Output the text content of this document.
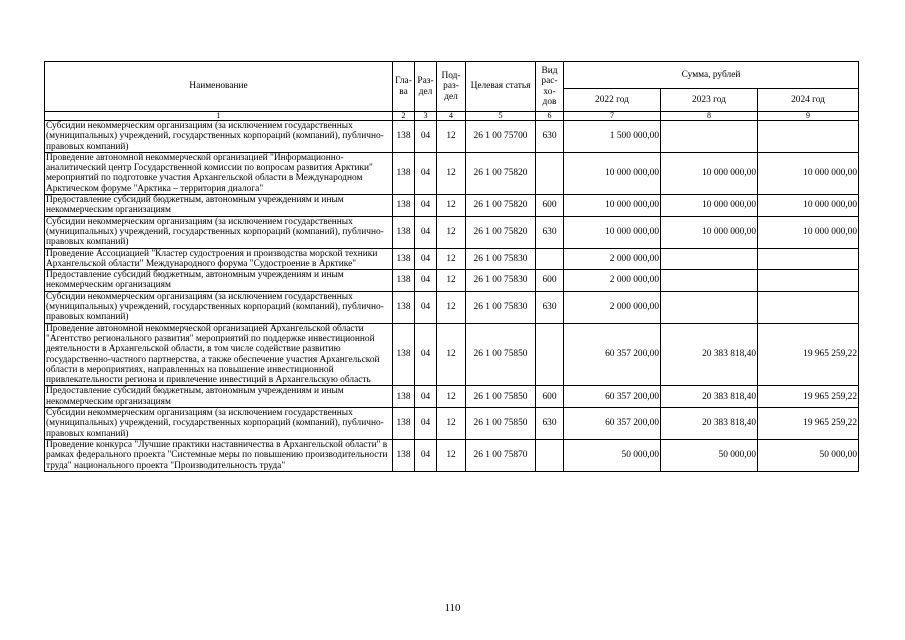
Наименование	Гла-ва	Раз-дел	Под-раз-дел	Целевая статья	Вид рас-хо-дов	Сумма, рублей		
						2022 год	2023 год	2024 год
1	2	3	4	5	6	7	8	9
Субсидии некоммерческим организациям (за исключением государственных (муниципальных) учреждений, государственных корпораций (компаний), публично-правовых компаний)	138	04	12	26 1 00 75700	630	1 500 000,00		
Проведение автономной некоммерческой организацией "Информационно-аналитический центр Государственной комиссии по вопросам развития Арктики" мероприятий по подготовке участия Архангельской области в Международном Арктическом форуме "Арктика – территория диалога"	138	04	12	26 1 00 75820		10 000 000,00	10 000 000,00	10 000 000,00
Предоставление субсидий бюджетным, автономным учреждениям и иным некоммерческим организациям	138	04	12	26 1 00 75820	600	10 000 000,00	10 000 000,00	10 000 000,00
Субсидии некоммерческим организациям (за исключением государственных (муниципальных) учреждений, государственных корпораций (компаний), публично-правовых компаний)	138	04	12	26 1 00 75820	630	10 000 000,00	10 000 000,00	10 000 000,00
Проведение Ассоциацией "Кластер судостроения и производства морской техники Архангельской области" Международного форума "Судостроение в Арктике"	138	04	12	26 1 00 75830		2 000 000,00		
Предоставление субсидий бюджетным, автономным учреждениям и иным некоммерческим организациям	138	04	12	26 1 00 75830	600	2 000 000,00		
Субсидии некоммерческим организациям (за исключением государственных (муниципальных) учреждений, государственных корпораций (компаний), публично-правовых компаний)	138	04	12	26 1 00 75830	630	2 000 000,00		
Проведение автономной некоммерческой организацией Архангельской области "Агентство регионального развития" мероприятий по поддержке инвестиционной деятельности в Архангельской области, в том числе содействие развитию государственно-частного партнерства, а также обеспечение участия Архангельской области в мероприятиях, направленных на повышение инвестиционной привлекательности региона и привлечение инвестиций в Архангельскую область	138	04	12	26 1 00 75850		60 357 200,00	20 383 818,40	19 965 259,22
Предоставление субсидий бюджетным, автономным учреждениям и иным некоммерческим организациям	138	04	12	26 1 00 75850	600	60 357 200,00	20 383 818,40	19 965 259,22
Субсидии некоммерческим организациям (за исключением государственных (муниципальных) учреждений, государственных корпораций (компаний), публично-правовых компаний)	138	04	12	26 1 00 75850	630	60 357 200,00	20 383 818,40	19 965 259,22
Проведение конкурса "Лучшие практики наставничества в Архангельской области" в рамках федерального проекта "Системные меры по повышению производительности труда" национального проекта "Производительность труда"	138	04	12	26 1 00 75870		50 000,00	50 000,00	50 000,00
110
